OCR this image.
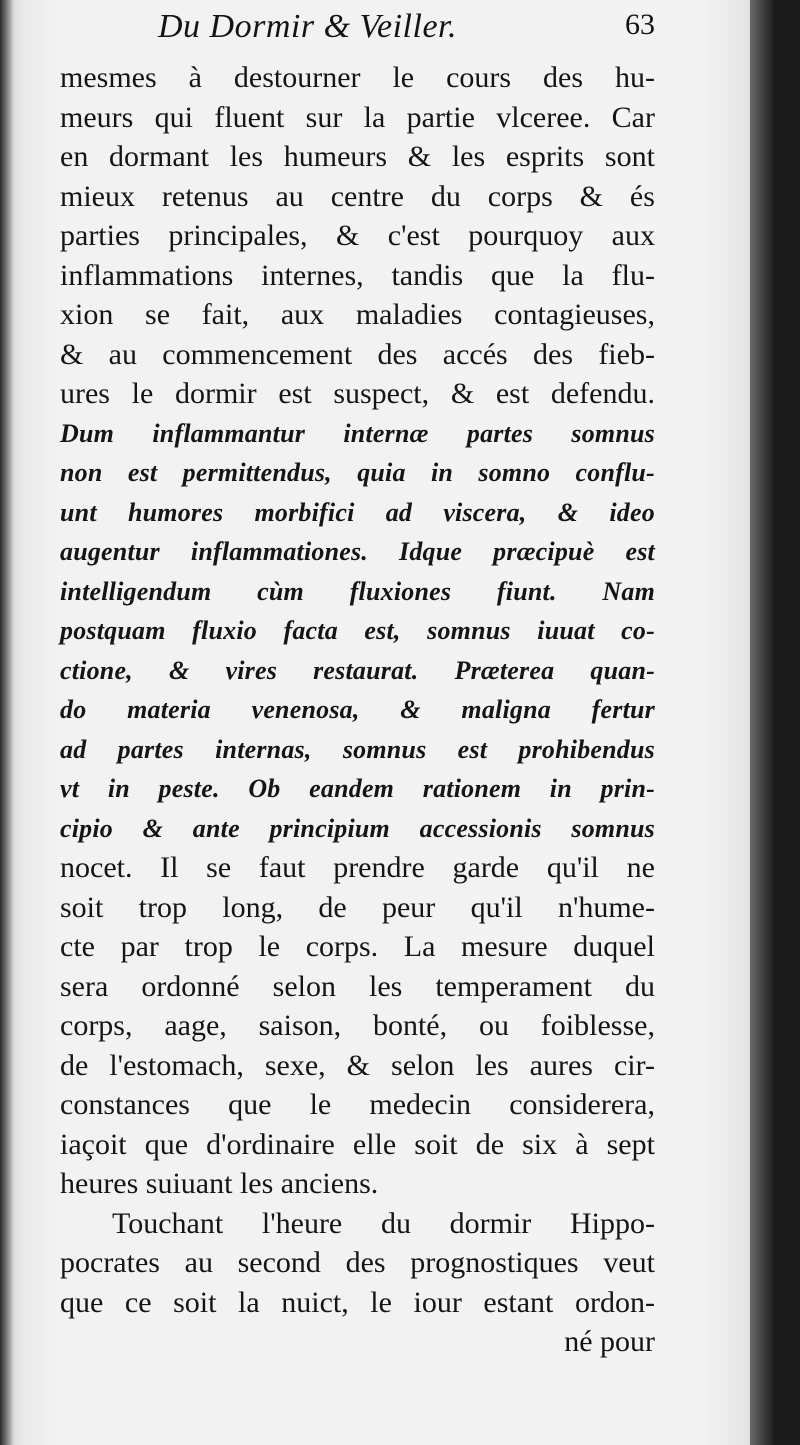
Du Dormir & Veiller.	63
mesmes à destourner le cours des hu-
meurs qui fluent sur la partie vlceree. Car
en dormant les humeurs & les esprits sont
mieux retenus au centre du corps & és
parties principales, & c'est pourquoy aux
inflammations internes, tandis que la flu-
xion se fait, aux maladies contagieuses,
& au commencement des accés des fieb-
ures le dormir est suspect, & est defendu.
Dum inflammantur internæ partes somnus
non est permittendus, quia in somno conflu-
unt humores morbifici ad viscera, & ideo
augentur inflammationes. Idque præcipuè est
intelligendum cùm fluxiones fiunt. Nam
postquam fluxio facta est, somnus iuuat co-
ctione, & vires restaurat. Præterea quan-
do materia venenosa, & maligna fertur
ad partes internas, somnus est prohibendus
vt in peste. Ob eandem rationem in prin-
cipio & ante principium accessionis somnus
nocet. Il se faut prendre garde qu'il ne
soit trop long, de peur qu'il n'hume-
cte par trop le corps. La mesure duquel
sera ordonné selon les temperament du
corps, aage, saison, bonté, ou foiblesse,
de l'estomach, sexe, & selon les aures cir-
constances que le medecin considerera,
iaçoit que d'ordinaire elle soit de six à sept
heures suiuant les anciens.
Touchant l'heure du dormir Hippo-
pocrates au second des prognostiques veut
que ce soit la nuict, le iour estant ordon-
né pour
